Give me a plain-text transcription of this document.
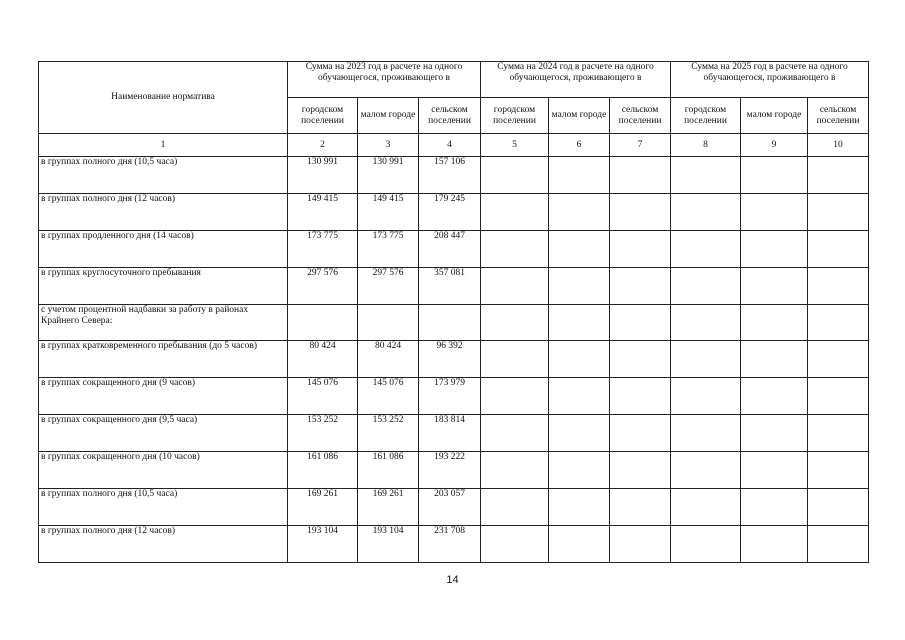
Наименование норматива	Сумма на 2023 год в расчете на одного обучающегося, проживающего в			Сумма на 2024 год в расчете на одного обучающегося, проживающего в			Сумма на 2025 год в расчете на одного обучающегося, проживающего в		
	городском поселении	малом городе	сельском поселении	городском поселении	малом городе	сельском поселении	городском поселении	малом городе	сельском поселении
1	2	3	4	5	6	7	8	9	10
в группах полного дня (10,5 часа)	130 991	130 991	157 106						
в группах полного дня (12 часов)	149 415	149 415	179 245						
в группах продленного дня (14 часов)	173 775	173 775	208 447						
в группах круглосуточного пребывания	297 576	297 576	357 081						
с учетом процентной надбавки за работу в районах Крайнего Севера:									
в группах кратковременного пребывания (до 5 часов)	80 424	80 424	96 392						
в группах сокращенного дня (9 часов)	145 076	145 076	173 979						
в группах сокращенного дня (9,5 часа)	153 252	153 252	183 814						
в группах сокращенного дня (10 часов)	161 086	161 086	193 222						
в группах полного дня (10,5 часа)	169 261	169 261	203 057						
в группах полного дня (12 часов)	193 104	193 104	231 708						
14
